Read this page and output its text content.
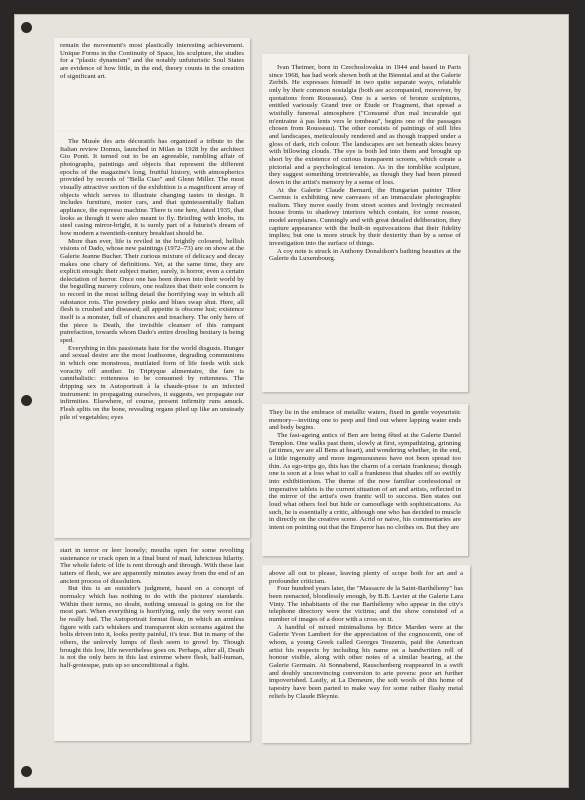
remain the movement's most plastically interesting achievement. Unique Forms in the Continuity of Space, his sculpture, the studies for a "plastic dynamism" and the notably unfuturistic Soul States are evidence of how little, in the end, theory counts in the creation of significant art.

The Musée des arts décoratifs has organized a tribute to the Italian review Domus, launched in Milan in 1928 by the architect Gio Ponti. It turned out to be an agreeable, rambling affair of photographs, paintings and objects that represent the different epochs of the magazine's long, fruitful history, with atmospherics provided by records of "Bella Ciao" and Glenn Miller. The most visually attractive section of the exhibition is a magnificent array of objects which serves to illustrate changing tastes in design. It includes furniture, motor cars, and that quintessentially Italian appliance, the espresso machine. There is one here, dated 1935, that looks as though it were also meant to fly. Bristling with knobs, its steel casing mirror-bright, it is surely part of a futurist's dream of how modern a twentieth-century breakfast should be.

More than ever, life is reviled in the brightly coloured, hellish visions of Dado, whose new paintings (1972–73) are on show at the Galerie Jeanne Bucher. Their curious mixture of delicacy and decay makes one chary of definitions. Yet, at the same time, they are explicit enough: their subject matter, surely, is horror, even a certain delectation of horror. Once one has been drawn into their world by the beguiling nursery colours, one realizes that their sole concern is to record in the most telling detail the horrifying way in which all substance rots. The powdery pinks and blues swap shut. Here, all flesh is crushed and diseased; all appetite is obscene lust; existence itself is a monster, full of chancres and treachery. The only hero of the piece is Death, the invisible cleanser of this rampant putrefaction, towards whom Dado's entire drooling bestiary is being sped.

Everything in this passionate hate for the world disgusts. Hunger and sexual desire are the most loathsome, degrading communions in which one monstrous, mutilated form of life feeds with sick voracity off another. In Triptyque alimentaire, the fare is cannibalistic: rottenness to be consumed by rottenness. The dripping sex in Autoportrait à la chaude-pisse is an infected instrument: in propagating ourselves, it suggests, we propagate our infirmities. Elsewhere, of course, present infirmity runs amuck. Flesh splits on the bone, revealing organs piled up like an unsteady pile of vegetables; eyes

start in terror or leer loonely; mouths open for some revolting sustenance or crack open in a final burst of mad, lubricious hilarity. The whole fabric of life is rent through and through. With these last tatters of flesh, we are apparently minutes away from the end of an ancient process of dissolution.

But this is an outsider's judgment, based on a concept of normalcy which has nothing to do with the pictures' standards. Within their terms, no doubt, nothing unusual is going on for the most part. When everything is horrifying, only the very worst can be really bad. The Autoportrait format fleau, in which an armless figure with cat's whiskers and transparent skin screams against the bolts driven into it, looks pretty painful, it's true. But in many of the others, the unlovely lumps of flesh seem to growl by. Though brought this low, life nevertheless goes on. Perhaps, after all, Death is not the only hero in this last extreme where flesh, half-human, half-grotesque, puts up so unconditional a fight.

Ivan Theimer, born in Czechoslovakia in 1944 and based in Paris since 1968, has had work shown both at the Biennial and at the Galerie Zerbib. He expresses himself in two quite separate ways, relatable only by their common nostalgia (both are accompanied, moreover, by quotations from Rousseau). One is a series of bronze sculptures, entitled variously Grand tree or Étude or Fragment, that spread a wistfully funereal atmosphere ("Consumé d'un mal incurable qui m'entraine à pas lents vers le tombeau", begins one of the passages chosen from Rousseau). The other consists of paintings of still lifes and landscapes, meticulously rendered and as though trapped under a gloss of dark, rich colour. The landscapes are set beneath skies heavy with billowing clouds. The eye is both led into them and brought up short by the existence of curious transparent screens, which create a pictorial and a psychological tension. As in the tomblike sculpture, they suggest something irretrievable, as though they had been pinned down in the artist's memory by a sense of loss.

At the Galerie Claude Bernard, the Hungarian painter Tibor Csernus is exhibiting new canvases of an immaculate photographic realism. They move easily from street scenes and lovingly recreated house fronts to shadowy interiors which contain, for some reason, model aeroplanes. Cunningly and with great detailed deliberation, they capture appearance with the built-in equivocations that their fidelity implies; but one is more struck by their dexterity than by a sense of investigation into the surface of things.

A coy note is struck in Anthony Donaldson's bathing beauties at the Galerie du Luxembourg.

They lie in the embrace of metallic waters, fixed in gentle voyeuristic memory—inviting one to peep and find out where lapping water ends and body begins.

The fast-ageing antics of Ben are being fêted at the Galerie Daniel Templon. One walks past them, slowly at first, sympathizing, grinning (at times, we are all Bens at heart), and wondering whether, in the end, a little ingenuity and more ingenuousness have not been spread too thin. As ego-trips go, this has the charm of a certain frankness; though one is soon at a loss what to call a frankness that shades off so swiftly into exhibitionism. The theme of the now familiar confessional or imperative tablets is the current situation of art and artists, reflected in the mirror of the artist's own frantic will to success. Ben states out loud what others feel but hide or camouflage with sophistications. As such, he is essentially a critic, although one who has decided to muscle in directly on the creative scene. Acrid or naive, his commentaries are intent on pointing out that the Emperor has no clothes on. But they are

above all out to please, leaving plenty of scope both for art and a profounder criticism.

Four hundred years later, the "Massacre de la Saint-Barthélemy" has been reenacted, bloodlessly enough, by B.B. Lavier at the Galerie Lara Vinty. The inhabitants of the rue Barthélemy who appear in the city's telephone directory were the victims; and the show consisted of a number of images of a door with a cross on it.

A handful of mixed minimalisms by Brice Marden were at the Galerie Yvon Lambert for the appreciation of the cognoscenti, one of whom, a young Greek called Georges Touzenis, paid the American artist his respects by including his name on a handwritten roll of honour visible, along with other notes of a similar bearing, at the Galerie Germain. At Sonnabend, Rauschenberg reappeared in a swift and doubly unconvincing conversion to arte povera: poor art further impoverished. Lastly, at La Demeure, the soft wools of this home of tapestry have been parted to make way for some rather flashy metal reliefs by Claude Bleynie.
